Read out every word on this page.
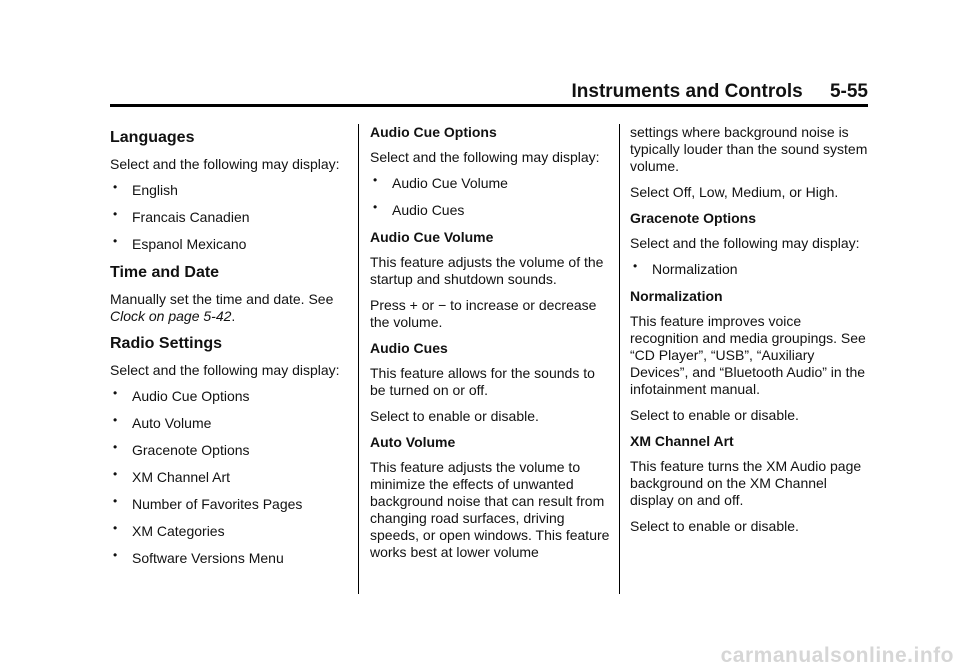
Instruments and Controls 5-55
Languages

Select and the following may display:

• English
• Francais Canadien
• Espanol Mexicano
Time and Date

Manually set the time and date. See Clock on page 5-42.

Radio Settings

Select and the following may display:

• Audio Cue Options
• Auto Volume
• Gracenote Options
• XM Channel Art
• Number of Favorites Pages
• XM Categories
• Software Versions Menu
Audio Cue Options

Select and the following may display:

• Audio Cue Volume
• Audio Cues
Audio Cue Volume

This feature adjusts the volume of the startup and shutdown sounds.

Press + or − to increase or decrease the volume.

Audio Cues

This feature allows for the sounds to be turned on or off.

Select to enable or disable.

Auto Volume

This feature adjusts the volume to minimize the effects of unwanted background noise that can result from changing road surfaces, driving speeds, or open windows. This feature works best at lower volume

settings where background noise is typically louder than the sound system volume.

Select Off, Low, Medium, or High.

Gracenote Options

Select and the following may display:

• Normalization
Normalization

This feature improves voice recognition and media groupings. See “CD Player”, “USB”, “Auxiliary Devices”, and “Bluetooth Audio” in the infotainment manual.

Select to enable or disable.

XM Channel Art

This feature turns the XM Audio page background on the XM Channel display on and off.

Select to enable or disable.

carmanualsonline.info
